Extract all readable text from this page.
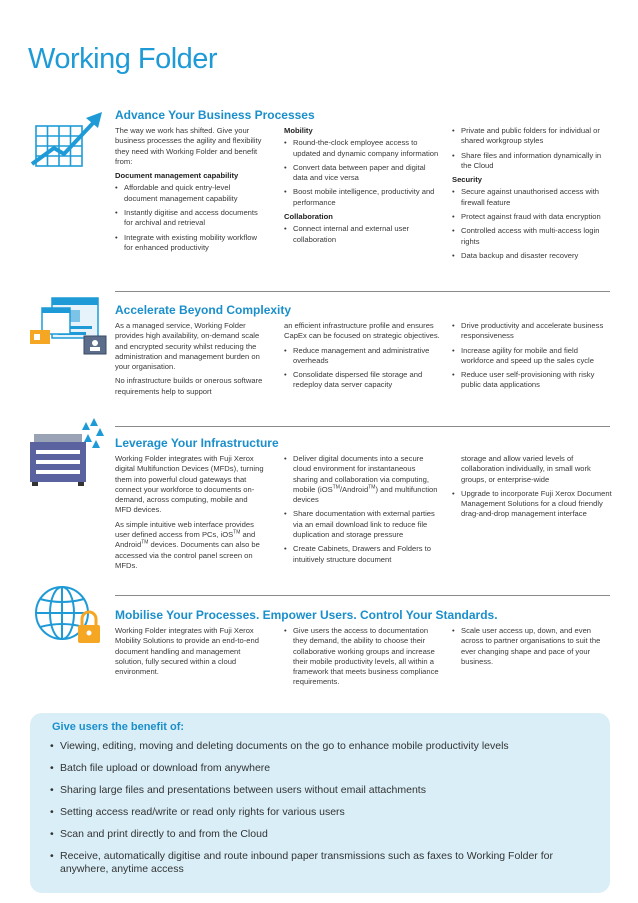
Working Folder
Advance Your Business Processes

The way we work has shifted. Give your business processes the agility and flexibility they need with Working Folder and benefit from:

Document management capability
• Affordable and quick entry-level document management capability
• Instantly digitise and access documents for archival and retrieval
• Integrate with existing mobility workflow for enhanced productivity
Mobility
• Round-the-clock employee access to updated and dynamic company information
• Convert data between paper and digital data and vice versa
• Boost mobile intelligence, productivity and performance
Collaboration
• Connect internal and external user collaboration
• Private and public folders for individual or shared workgroup styles
• Share files and information dynamically in the Cloud
Security
• Secure against unauthorised access with firewall feature
• Protect against fraud with data encryption
• Controlled access with multi-access login rights
• Data backup and disaster recovery
Accelerate Beyond Complexity

As a managed service, Working Folder provides high availability, on-demand scale and encrypted security whilst reducing the administration and management burden on your organisation.

No infrastructure builds or onerous software requirements help to support

an efficient infrastructure profile and ensures CapEx can be focused on strategic objectives.

• Reduce management and administrative overheads
• Consolidate dispersed file storage and redeploy data server capacity
• Drive productivity and accelerate business responsiveness
• Increase agility for mobile and field workforce and speed up the sales cycle
• Reduce user self-provisioning with risky public data applications
Leverage Your Infrastructure

Working Folder integrates with Fuji Xerox digital Multifunction Devices (MFDs), turning them into powerful cloud gateways that connect your workforce to documents on-demand, across computing, mobile and MFD devices.

As simple intuitive web interface provides user defined access from PCs, iOS™ and Android™ devices. Documents can also be accessed via the control panel screen on MFDs.

• Deliver digital documents into a secure cloud environment for instantaneous sharing and collaboration via computing, mobile (iOS™/Android™) and multifunction devices
• Share documentation with external parties via an email download link to reduce file duplication and storage pressure
• Create Cabinets, Drawers and Folders to intuitively structure document

storage and allow varied levels of collaboration individually, in small work groups, or enterprise-wide

• Upgrade to incorporate Fuji Xerox Document Management Solutions for a cloud friendly drag-and-drop management interface
Mobilise Your Processes. Empower Users. Control Your Standards.

Working Folder integrates with Fuji Xerox Mobility Solutions to provide an end-to-end document handling and management solution, fully secured within a cloud environment.

• Give users the access to documentation they demand, the ability to choose their collaborative working groups and increase their mobile productivity levels, all within a framework that meets business compliance requirements.
• Scale user access up, down, and even across to partner organisations to suit the ever changing shape and pace of your business.
Give users the benefit of:
• Viewing, editing, moving and deleting documents on the go to enhance mobile productivity levels
• Batch file upload or download from anywhere
• Sharing large files and presentations between users without email attachments
• Setting access read/write or read only rights for various users
• Scan and print directly to and from the Cloud
• Receive, automatically digitise and route inbound paper transmissions such as faxes to Working Folder for anywhere, anytime access
